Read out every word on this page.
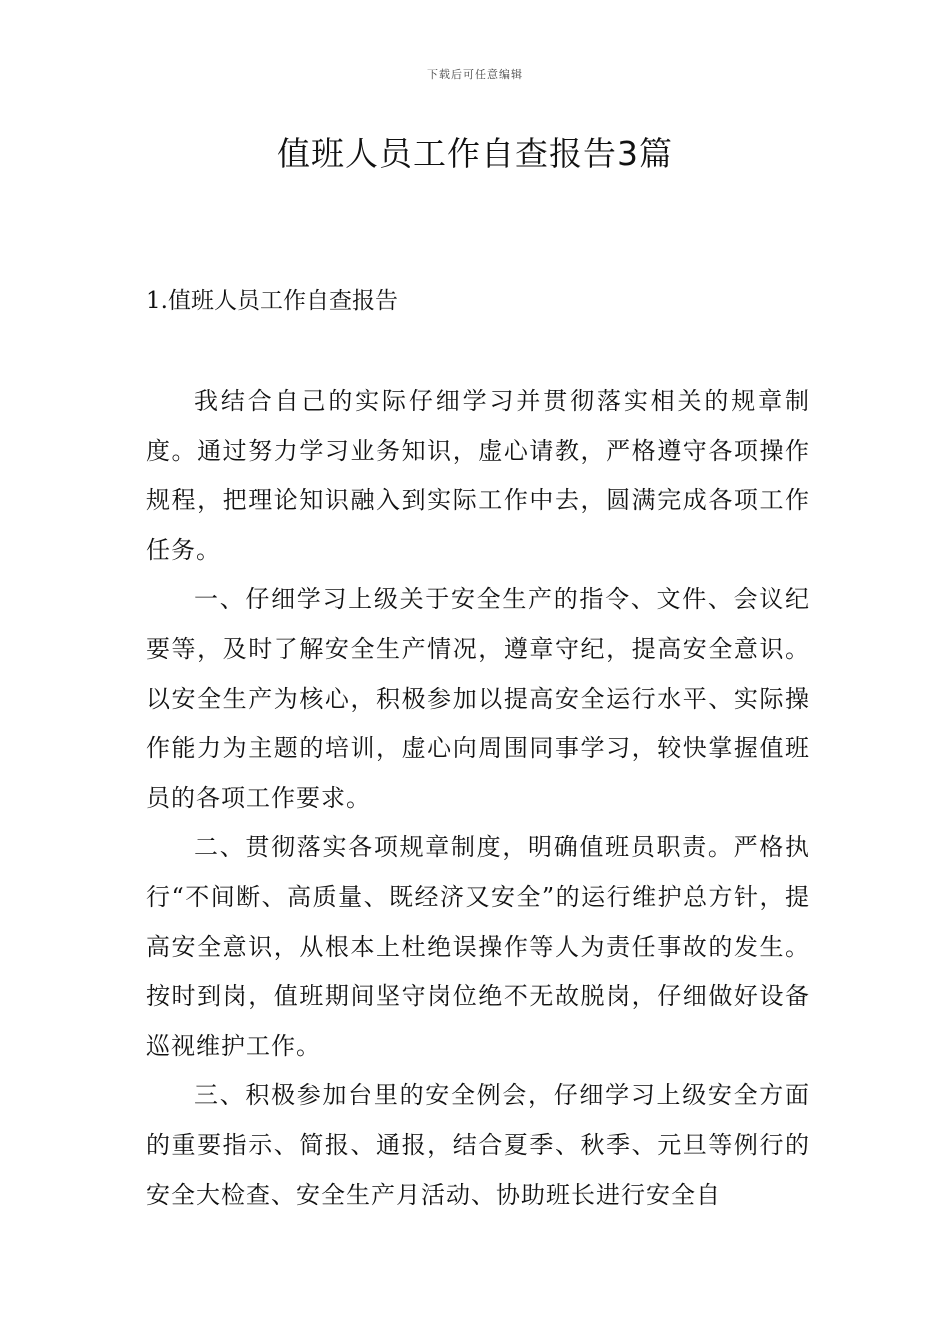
下载后可任意编辑
值班人员工作自查报告3篇
1.值班人员工作自查报告

我结合自己的实际仔细学习并贯彻落实相关的规章制度。通过努力学习业务知识，虚心请教，严格遵守各项操作规程，把理论知识融入到实际工作中去，圆满完成各项工作任务。

一、仔细学习上级关于安全生产的指令、文件、会议纪要等，及时了解安全生产情况，遵章守纪，提高安全意识。以安全生产为核心，积极参加以提高安全运行水平、实际操作能力为主题的培训，虚心向周围同事学习，较快掌握值班员的各项工作要求。

二、贯彻落实各项规章制度，明确值班员职责。严格执行“不间断、高质量、既经济又安全”的运行维护总方针，提高安全意识，从根本上杜绝误操作等人为责任事故的发生。按时到岗，值班期间坚守岗位绝不无故脱岗，仔细做好设备巡视维护工作。

三、积极参加台里的安全例会，仔细学习上级安全方面的重要指示、简报、通报，结合夏季、秋季、元旦等例行的安全大检查、安全生产月活动、协助班长进行安全自
